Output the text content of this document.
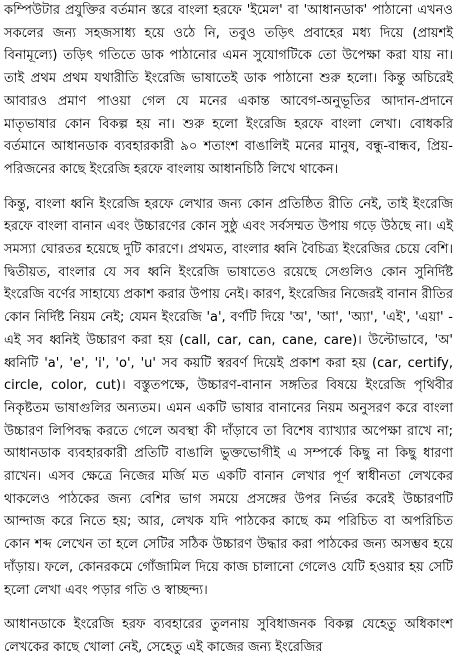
কম্পিউটার প্রযুক্তির বর্তমান স্তরে বাংলা হরফে 'ইমেল' বা 'আধানডাক' পাঠানো এখনও সকলের জন্য সহজসাধ্য হয়ে ওঠে নি, তবুও তড়িৎ প্রবাহের মধ্য দিয়ে (প্রায়শই বিনামূল্যে) তড়িৎ গতিতে ডাক পাঠানোর এমন সুযোগটিকে তো উপেক্ষা করা যায় না। তাই প্রথম প্রথম যথারীতি ইংরেজি ভাষাতেই ডাক পাঠানো শুরু হলো। কিন্তু অচিরেই আবারও প্রমাণ পাওয়া গেল যে মনের একান্ত আবেগ-অনুভূতির আদান-প্রদানে মাতৃভাষার কোন বিকল্প হয় না। শুরু হলো ইংরেজি হরফে বাংলা লেখা। বোধকরি বর্তমানে আধানডাক ব্যবহারকারী ৯০ শতাংশ বাঙালিই মনের মানুষ, বন্ধু-বান্ধব, প্রিয়-পরিজনের কাছে ইংরেজি হরফে বাংলায় আধানচিঠি লিখে থাকেন।

কিন্তু, বাংলা ধ্বনি ইংরেজি হরফে লেখার জন্য কোন প্রতিষ্ঠিত রীতি নেই, তাই ইংরেজি হরফে বাংলা বানান এবং উচ্চারণের কোন সুষ্ঠু এবং সর্বসম্মত উপায় গড়ে উঠছে না। এই সমস্যা ঘোরতর হয়েছে দুটি কারণে। প্রথমত, বাংলার ধ্বনি বৈচিত্র্য ইংরেজির চেয়ে বেশি। দ্বিতীয়ত, বাংলার যে সব ধ্বনি ইংরেজি ভাষাতেও রয়েছে সেগুলিও কোন সুনির্দিষ্ট ইংরেজি বর্ণের সাহায্যে প্রকাশ করার উপায় নেই। কারণ, ইংরেজির নিজেরই বানান রীতির কোন নির্দিষ্ট নিয়ম নেই; যেমন ইংরেজি 'a', বর্ণটি দিয়ে 'অ', 'আ', 'অ্যা', 'এই', 'এয়া' - এই সব ধ্বনিই উচ্চারণ করা হয় (call, car, can, cane, care)। উল্টোভাবে, 'অ' ধ্বনিটি 'a', 'e', 'i', 'o', 'u' সব কয়টি স্বরবর্ণ দিয়েই প্রকাশ করা হয় (car, certify, circle, color, cut)। বস্তুতপক্ষে, উচ্চারণ-বানান সঙ্গতির বিষয়ে ইংরেজি পৃথিবীর নিকৃষ্টতম ভাষাগুলির অন্যতম। এমন একটি ভাষার বানানের নিয়ম অনুসরণ করে বাংলা উচ্চারণ লিপিবদ্ধ করতে গেলে অবস্থা কী দাঁড়াবে তা বিশেষ ব্যাখ্যার অপেক্ষা রাখে না; আধানডাক ব্যবহারকারী প্রতিটি বাঙালি ভুক্তভোগীই এ সম্পর্কে কিছু না কিছু ধারণা রাখেন। এসব ক্ষেত্রে নিজের মর্জি মত একটি বানান লেখার পূর্ণ স্বাধীনতা লেখকের থাকলেও পাঠকের জন্য বেশির ভাগ সময়ে প্রসঙ্গের উপর নির্ভর করেই উচ্চারণটি আন্দাজ করে নিতে হয়; আর, লেখক যদি পাঠকের কাছে কম পরিচিত বা অপরিচিত কোন শব্দ লেখেন তা হলে সেটির সঠিক উচ্চারণ উদ্ধার করা পাঠকের জন্য অসম্ভব হয়ে দাঁড়ায়। ফলে, কোনরকমে গোঁজামিল দিয়ে কাজ চালানো গেলেও যেটি হওয়ার হয় সেটি হলো লেখা এবং পড়ার গতি ও স্বাচ্ছন্দ্য।

আধানডাকে ইংরেজি হরফ ব্যবহারের তুলনায় সুবিধাজনক বিকল্প যেহেতু অধিকাংশ লেখকের কাছে খোলা নেই, সেহেতু এই কাজের জন্য ইংরেজির
